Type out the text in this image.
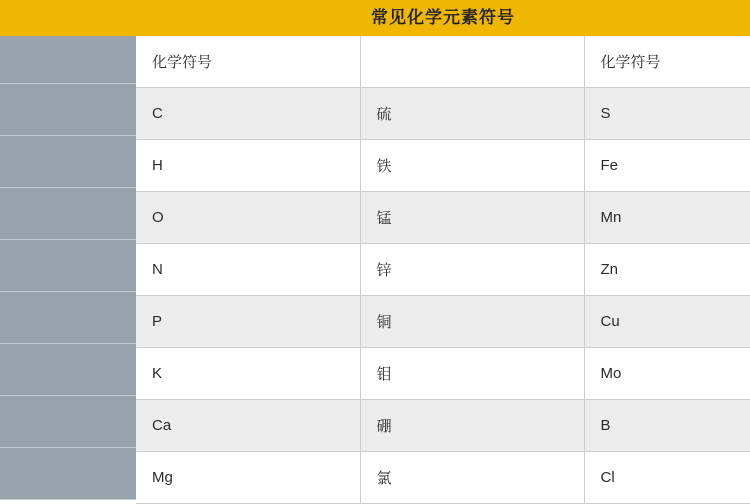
常见化学元素符号
化学符号		化学符号
C	硫	S
H	铁	Fe
O	锰	Mn
N	锌	Zn
P	铜	Cu
K	钼	Mo
Ca	硼	B
Mg	氯	Cl
